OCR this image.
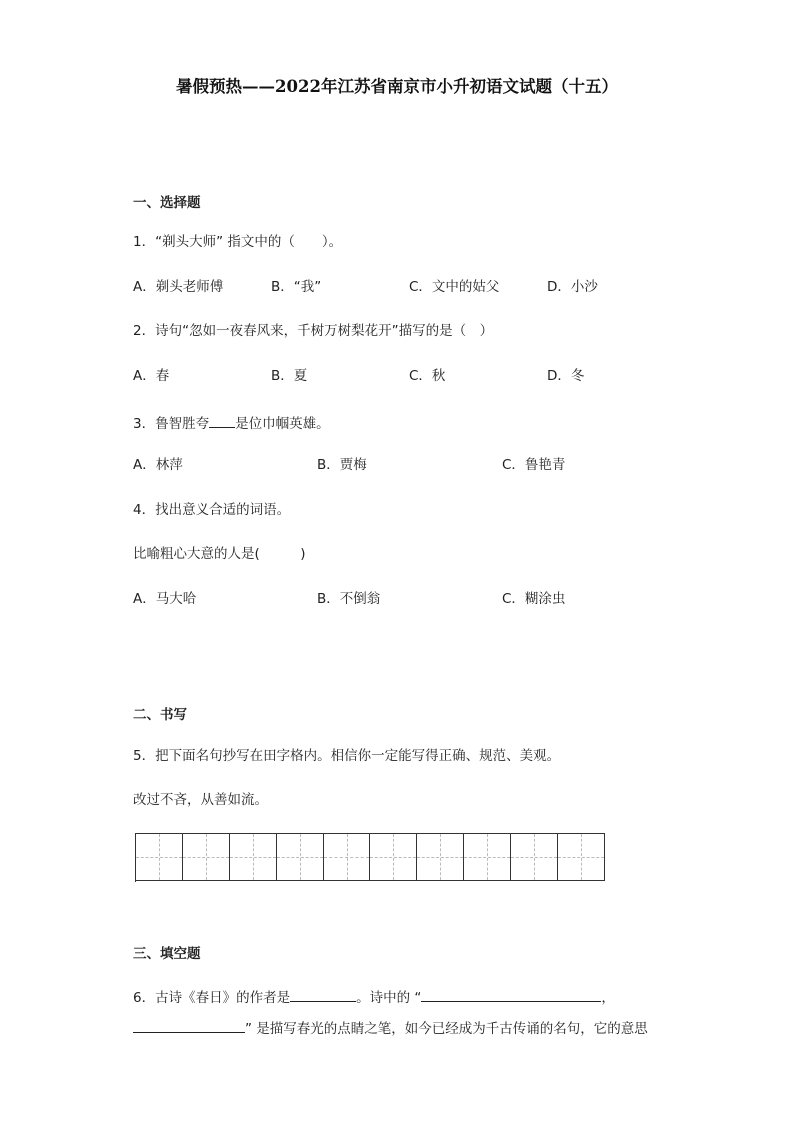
暑假预热——2022年江苏省南京市小升初语文试题（十五）
一、选择题
1．“剃头大师” 指文中的（　　）。
A．剃头老师傅	B．“我”	C．文中的姑父	D．小沙
2．诗句“忽如一夜春风来，千树万树梨花开”描写的是（　）
A．春	B．夏	C．秋	D．冬
3．鲁智胜夸 是位巾帼英雄。
A．林萍	B．贾梅	C．鲁艳青
4．找出意义合适的词语。
比喻粗心大意的人是(　　　)
A．马大哈	B．不倒翁	C．糊涂虫
二、书写
5．把下面名句抄写在田字格内。相信你一定能写得正确、规范、美观。
改过不吝，从善如流。
三、填空题
6．古诗《春日》的作者是	。诗中的 “	，
” 是描写春光的点睛之笔，如今已经成为千古传诵的名句，它的意思
